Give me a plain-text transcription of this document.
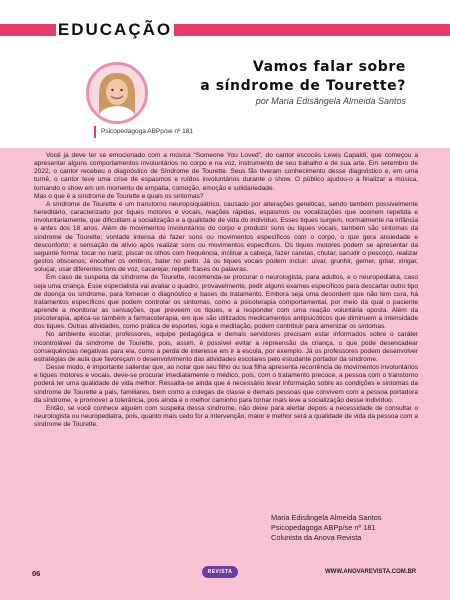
EDUCAÇÃO
Psicopedagoga ABPp/se nº 181
Vamos falar sobre
a síndrome de Tourette?
por Maria Edisângela Almeida Santos

Você já deve ter se emocionado com a música “Someone You Loved”, do cantor escocês Lewis Capaldi, que começou a apresentar alguns comportamentos involuntários no corpo e na voz, instrumento de seu trabalho e de sua arte. Em setembro de 2022, o cantor recebeu o diagnóstico de Síndrome de Tourette. Seus fãs tiveram conhecimento desse diagnóstico e, em uma turnê, o cantor teve uma crise de espasmos e ruídos involuntários durante o show. O público ajudou-o a finalizar a música, tornando o show em um momento de empatia, comoção, emoção e solidariedade.

Mas o que é a síndrome de Tourette e quais os sintomas?

A síndrome de Tourette é um transtorno neuropsiquiátrico, causado por alterações genéticas, sendo também possivelmente hereditário, caracterizado por tiques motores e vocais, reações rápidas, espasmos ou vocalizações que ocorrem repetida e involuntariamente, que dificultam a socialização e a qualidade de vida do indivíduo. Esses tiques surgem, normalmente na infância e antes dos 18 anos. Além de movimentos involuntários do corpo e produzir sons ou tiques vocais, também são sintomas da síndrome de Tourette: vontade intensa de fazer sons ou movimentos específicos com o corpo, o que gera ansiedade e desconforto; e sensação de alívio após realizar sons ou movimentos específicos. Os tiques motores podem se apresentar da seguinte forma: tocar no nariz, piscar os olhos com frequência, inclinar a cabeça, fazer caretas, chutar, sacudir o pescoço, realizar gestos obscenos; encolher os ombros, bater no peito. Já os tiques vocais podem incluir: uivar, grunhir, gemer, gritar, xingar, soluçar, usar diferentes tons de voz, cacarejar, repetir frases ou palavras.

Em caso de suspeita da síndrome de Tourette, recomenda-se procurar o neurologista, para adultos, e o neuropediatra, caso seja uma criança. Esse especialista vai avaliar o quadro, provavelmente, pedir alguns exames específicos para descartar outro tipo de doença ou síndrome, para fornecer o diagnóstico e bases do tratamento. Embora seja uma desordem que não tem cura, há tratamentos específicos que podem controlar os sintomas, como a psicoterapia comportamental, por meio da qual o paciente aprende a monitorar as sensações, que preveem os tiques, e a responder com uma reação voluntária oposta. Além da psicoterapia, aplica-se também a farmacoterapia, em que são utilizados medicamentos antipsicóticos que diminuem a intensidade dos tiques. Outras atividades, como prática de esportes, ioga e meditação, podem contribuir para amenizar os sintomas.

No ambiente escolar, professores, equipe pedagógica e demais servidores precisam estar informados sobre o caráter incontrolável da síndrome de Tourette, pois, assim, é possível evitar a repreensão da criança, o que pode desencadear consequências negativas para ela, como a perda de interesse em ir à escola, por exemplo. Já os professores podem desenvolver estratégias de aula que favoreçam o desenvolvimento das atividades escolares pelo estudante portador da síndrome.

Desse modo, é importante salientar que, ao notar que seu filho ou sua filha apresenta recorrência de movimentos involuntários e tiques motores e vocais, deve-se procurar imediatamente o médico, pois, com o tratamento precoce, a pessoa com o transtorno poderá ter uma qualidade de vida melhor. Ressalta-se ainda que é necessário levar informação sobre as condições e sintomas da síndrome de Tourette a pais, familiares, bem como a colegas de classe e demais pessoas que convivem com a pessoa portadora da síndrome, e promover a tolerância, pois ainda é o melhor caminho para tornar mais leve a socialização desse indivíduo.

Então, se você conhece alguém com suspeita dessa síndrome, não deixe para alertar depois a necessidade de consultar o neurologista ou neuropediatra, pois, quanto mais cedo for a intervenção, maior e melhor será a qualidade de vida da pessoa com a síndrome de Tourette.

Maria Edisângela Almeida Santos
Psicopedagoga ABPp/se nº 181
Colunista da Anova Revista
06	REVISTA	WWW.ANOVAREVISTA.COM.BR
